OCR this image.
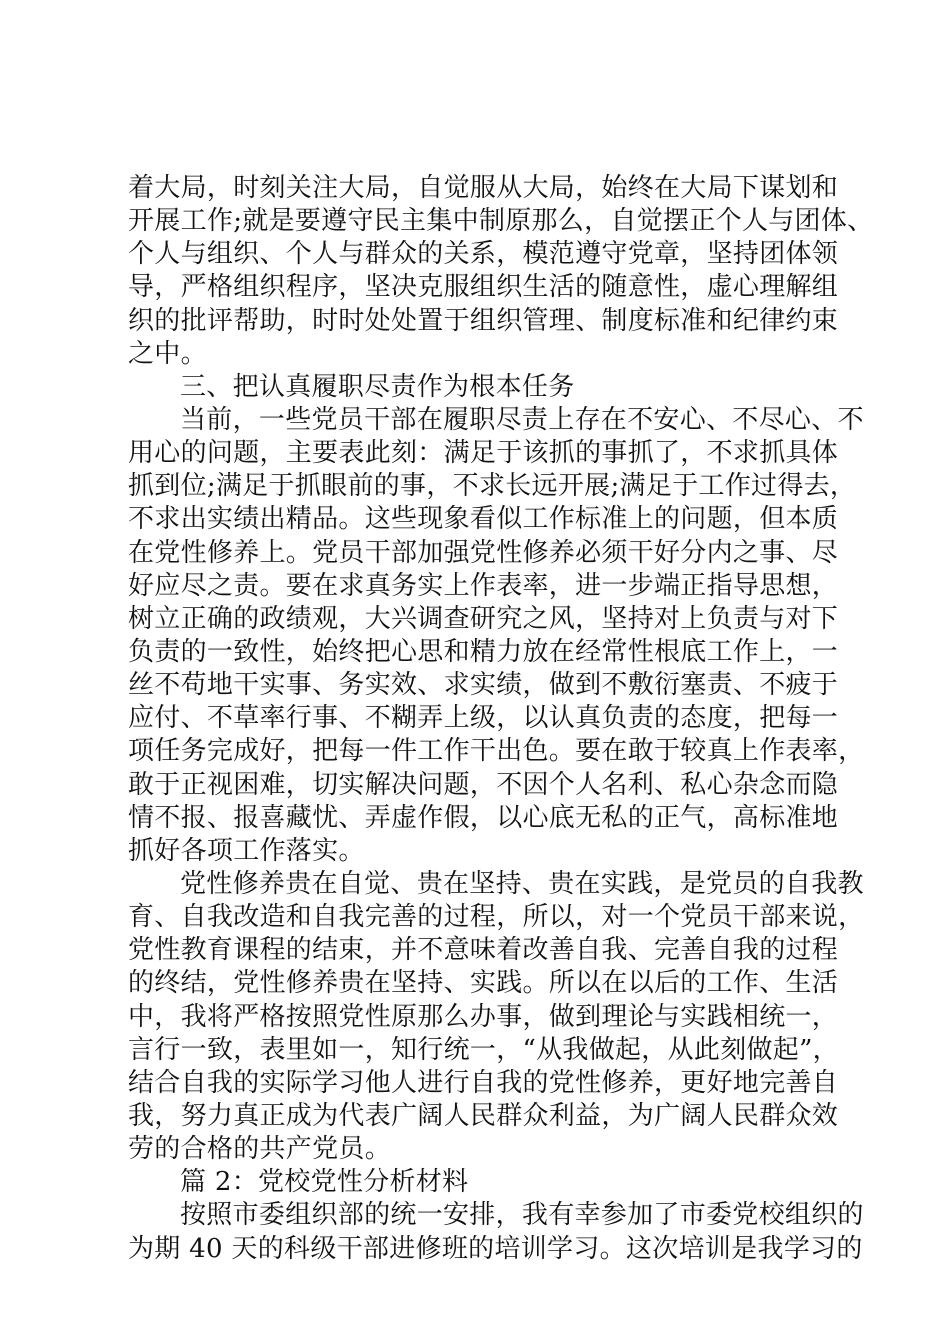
着大局，时刻关注大局，自觉服从大局，始终在大局下谋划和
开展工作;就是要遵守民主集中制原那么，自觉摆正个人与团体、
个人与组织、个人与群众的关系，模范遵守党章，坚持团体领
导，严格组织程序，坚决克服组织生活的随意性，虚心理解组
织的批评帮助，时时处处置于组织管理、制度标准和纪律约束
之中。
三、把认真履职尽责作为根本任务
当前，一些党员干部在履职尽责上存在不安心、不尽心、不
用心的问题，主要表此刻：满足于该抓的事抓了，不求抓具体
抓到位;满足于抓眼前的事，不求长远开展;满足于工作过得去，
不求出实绩出精品。这些现象看似工作标准上的问题，但本质
在党性修养上。党员干部加强党性修养必须干好分内之事、尽
好应尽之责。要在求真务实上作表率，进一步端正指导思想，
树立正确的政绩观，大兴调查研究之风，坚持对上负责与对下
负责的一致性，始终把心思和精力放在经常性根底工作上，一
丝不苟地干实事、务实效、求实绩，做到不敷衍塞责、不疲于
应付、不草率行事、不糊弄上级，以认真负责的态度，把每一
项任务完成好，把每一件工作干出色。要在敢于较真上作表率，
敢于正视困难，切实解决问题，不因个人名利、私心杂念而隐
情不报、报喜藏忧、弄虚作假，以心底无私的正气，高标准地
抓好各项工作落实。
党性修养贵在自觉、贵在坚持、贵在实践，是党员的自我教
育、自我改造和自我完善的过程，所以，对一个党员干部来说，
党性教育课程的结束，并不意味着改善自我、完善自我的过程
的终结，党性修养贵在坚持、实践。所以在以后的工作、生活
中，我将严格按照党性原那么办事，做到理论与实践相统一，
言行一致，表里如一，知行统一，“从我做起，从此刻做起”，
结合自我的实际学习他人进行自我的党性修养，更好地完善自
我，努力真正成为代表广阔人民群众利益，为广阔人民群众效
劳的合格的共产党员。
篇 2：党校党性分析材料
按照市委组织部的统一安排，我有幸参加了市委党校组织的
为期 40 天的科级干部进修班的培训学习。这次培训是我学习的
